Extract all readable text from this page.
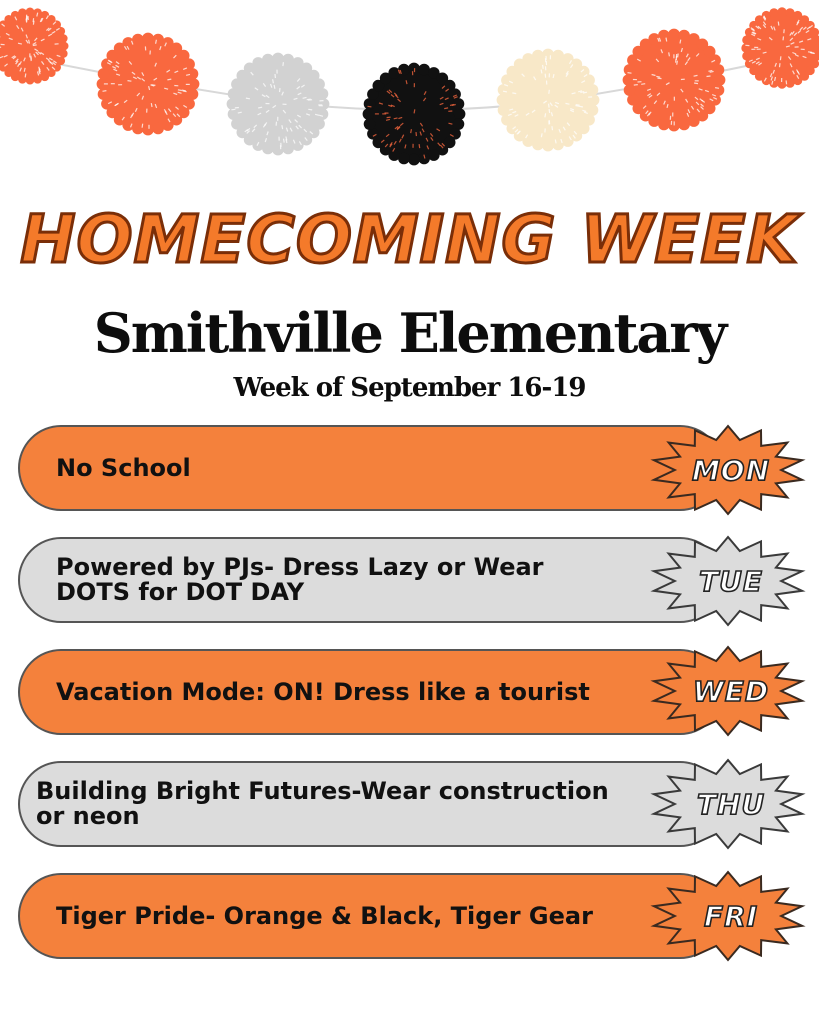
HOMECOMING WEEK
Smithville Elementary
Week of September 16-19
No School	MON
Powered by PJs- Dress Lazy or Wear DOTS for DOT DAY	TUE
Vacation Mode: ON! Dress like a tourist	WED
Building Bright Futures-Wear construction or neon	THU
Tiger Pride- Orange & Black, Tiger Gear	FRI
